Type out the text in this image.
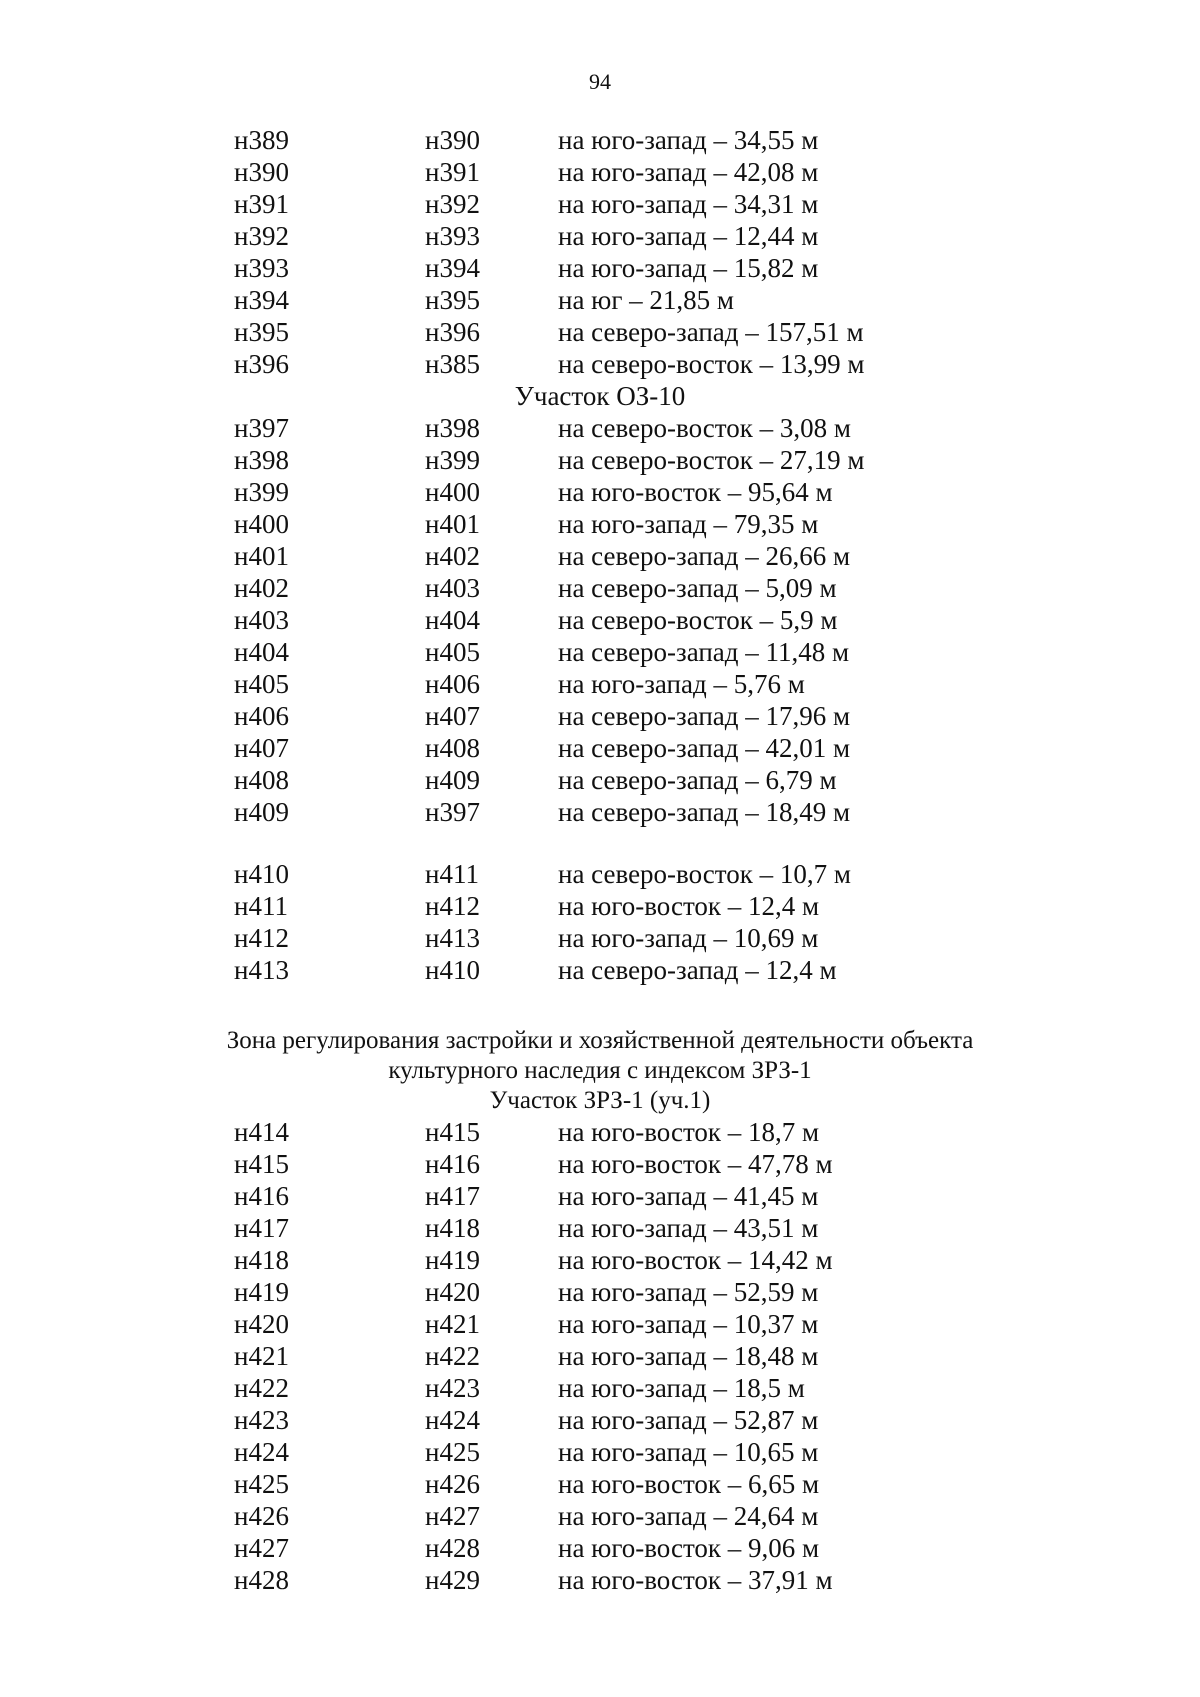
94
н389	н390	на юго-запад – 34,55 м
н390	н391	на юго-запад – 42,08 м
н391	н392	на юго-запад – 34,31 м
н392	н393	на юго-запад – 12,44 м
н393	н394	на юго-запад – 15,82 м
н394	н395	на юг – 21,85 м
н395	н396	на северо-запад – 157,51 м
н396	н385	на северо-восток – 13,99 м
Участок ОЗ-10
н397	н398	на северо-восток – 3,08 м
н398	н399	на северо-восток – 27,19 м
н399	н400	на юго-восток – 95,64 м
н400	н401	на юго-запад – 79,35 м
н401	н402	на северо-запад – 26,66 м
н402	н403	на северо-запад – 5,09 м
н403	н404	на северо-восток – 5,9 м
н404	н405	на северо-запад – 11,48 м
н405	н406	на юго-запад – 5,76 м
н406	н407	на северо-запад – 17,96 м
н407	н408	на северо-запад – 42,01 м
н408	н409	на северо-запад – 6,79 м
н409	н397	на северо-запад – 18,49 м
н410	н411	на северо-восток – 10,7 м
н411	н412	на юго-восток – 12,4 м
н412	н413	на юго-запад – 10,69 м
н413	н410	на северо-запад – 12,4 м
Зона регулирования застройки и хозяйственной деятельности объекта
культурного наследия с индексом ЗРЗ-1
Участок ЗРЗ-1 (уч.1)
н414	н415	на юго-восток – 18,7 м
н415	н416	на юго-восток – 47,78 м
н416	н417	на юго-запад – 41,45 м
н417	н418	на юго-запад – 43,51 м
н418	н419	на юго-восток – 14,42 м
н419	н420	на юго-запад – 52,59 м
н420	н421	на юго-запад – 10,37 м
н421	н422	на юго-запад – 18,48 м
н422	н423	на юго-запад – 18,5 м
н423	н424	на юго-запад – 52,87 м
н424	н425	на юго-запад – 10,65 м
н425	н426	на юго-восток – 6,65 м
н426	н427	на юго-запад – 24,64 м
н427	н428	на юго-восток – 9,06 м
н428	н429	на юго-восток – 37,91 м
